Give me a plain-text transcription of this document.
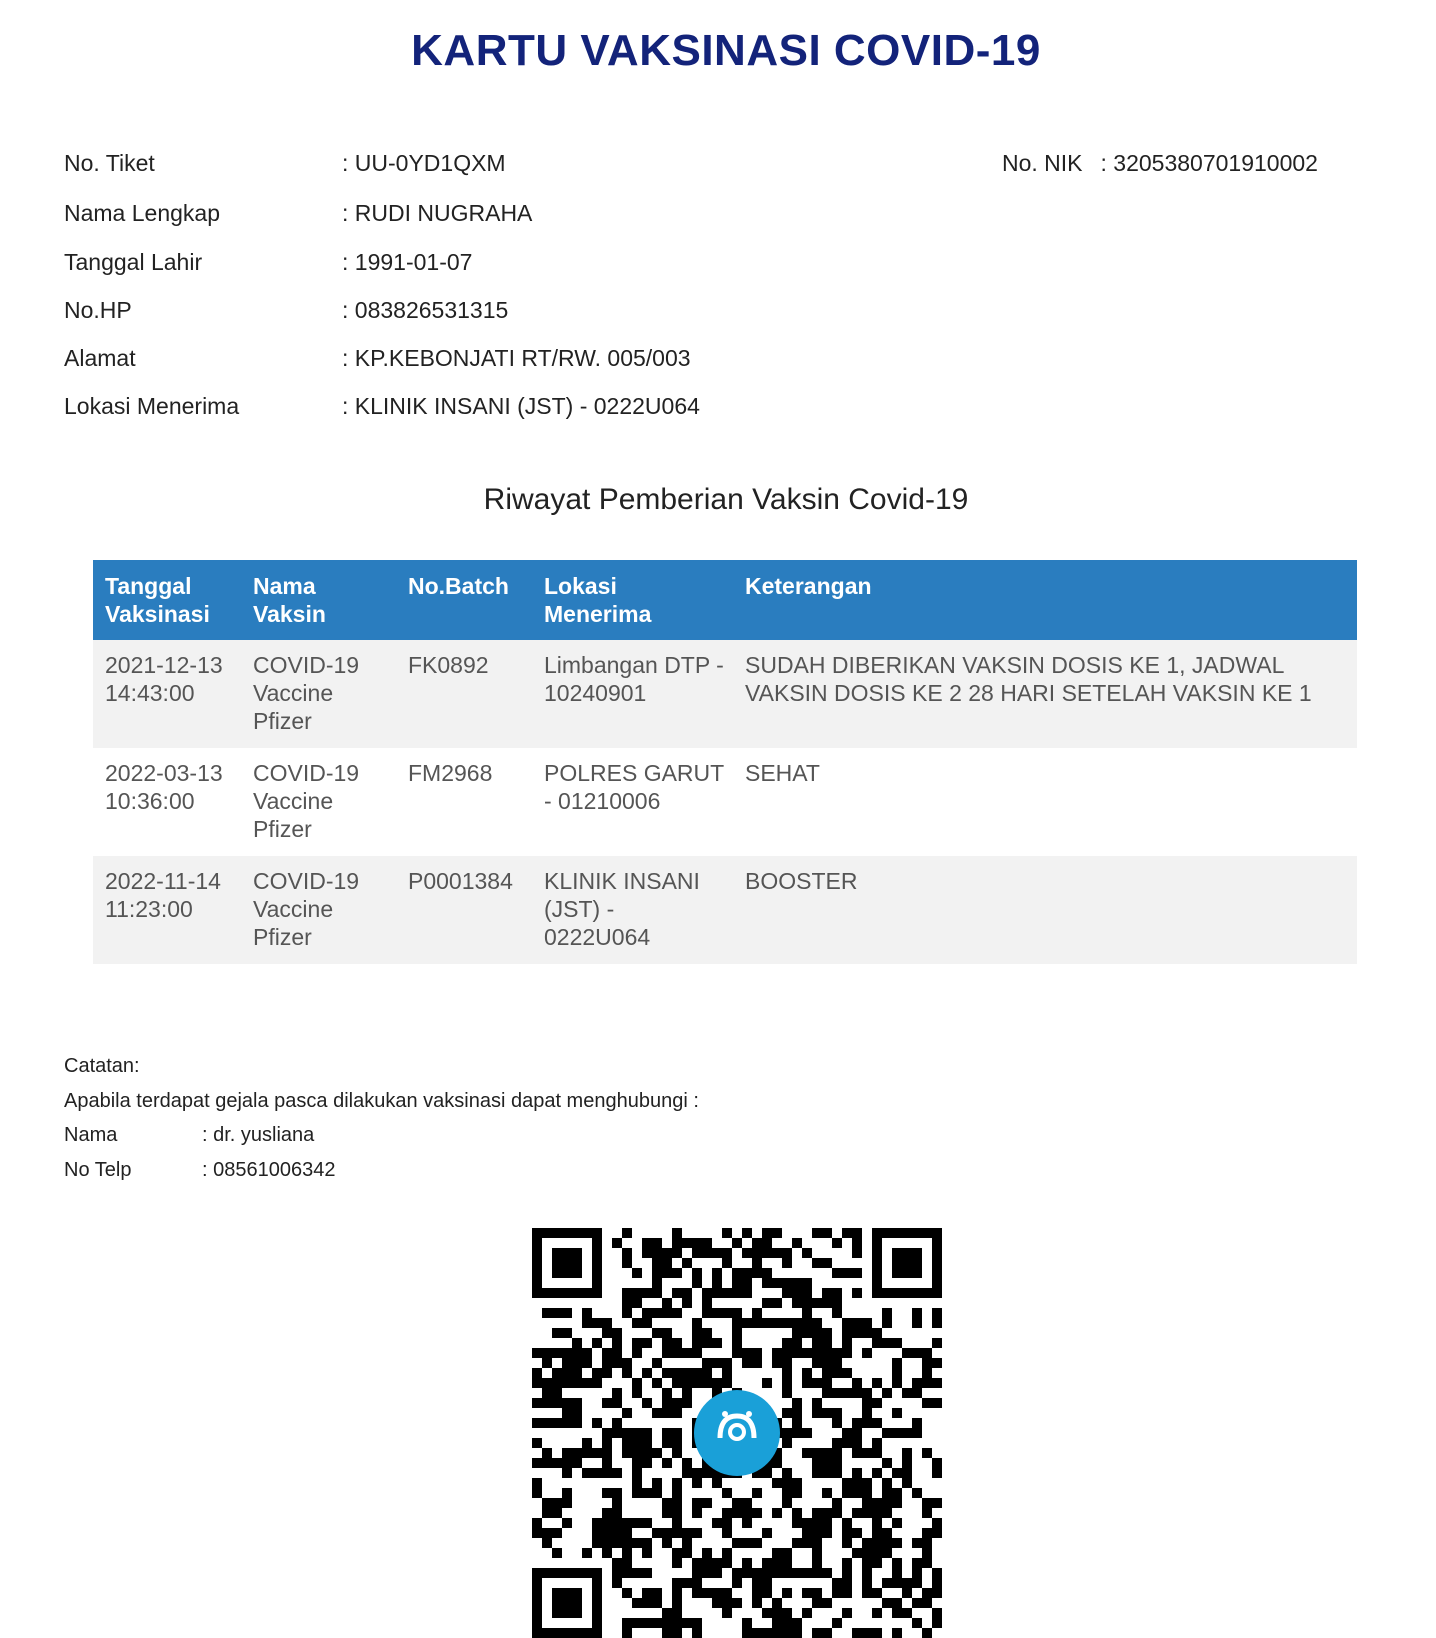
KARTU VAKSINASI COVID-19
No. NIK : 3205380701910002
No. Tiket	: UU-0YD1QXM
Nama Lengkap	: RUDI NUGRAHA
Tanggal Lahir	: 1991-01-07
No.HP	: 083826531315
Alamat	: KP.KEBONJATI RT/RW. 005/003
Lokasi Menerima	: KLINIK INSANI (JST) - 0222U064
Riwayat Pemberian Vaksin Covid-19
Tanggal Vaksinasi	Nama Vaksin	No.Batch	Lokasi Menerima	Keterangan
2021-12-13 14:43:00	COVID-19 Vaccine Pfizer	FK0892	Limbangan DTP - 10240901	SUDAH DIBERIKAN VAKSIN DOSIS KE 1, JADWAL VAKSIN DOSIS KE 2 28 HARI SETELAH VAKSIN KE 1
2022-03-13 10:36:00	COVID-19 Vaccine Pfizer	FM2968	POLRES GARUT - 01210006	SEHAT
2022-11-14 11:23:00	COVID-19 Vaccine Pfizer	P0001384	KLINIK INSANI (JST) - 0222U064	BOOSTER
Catatan:
Apabila terdapat gejala pasca dilakukan vaksinasi dapat menghubungi :
Nama	: dr. yusliana
No Telp	: 08561006342
